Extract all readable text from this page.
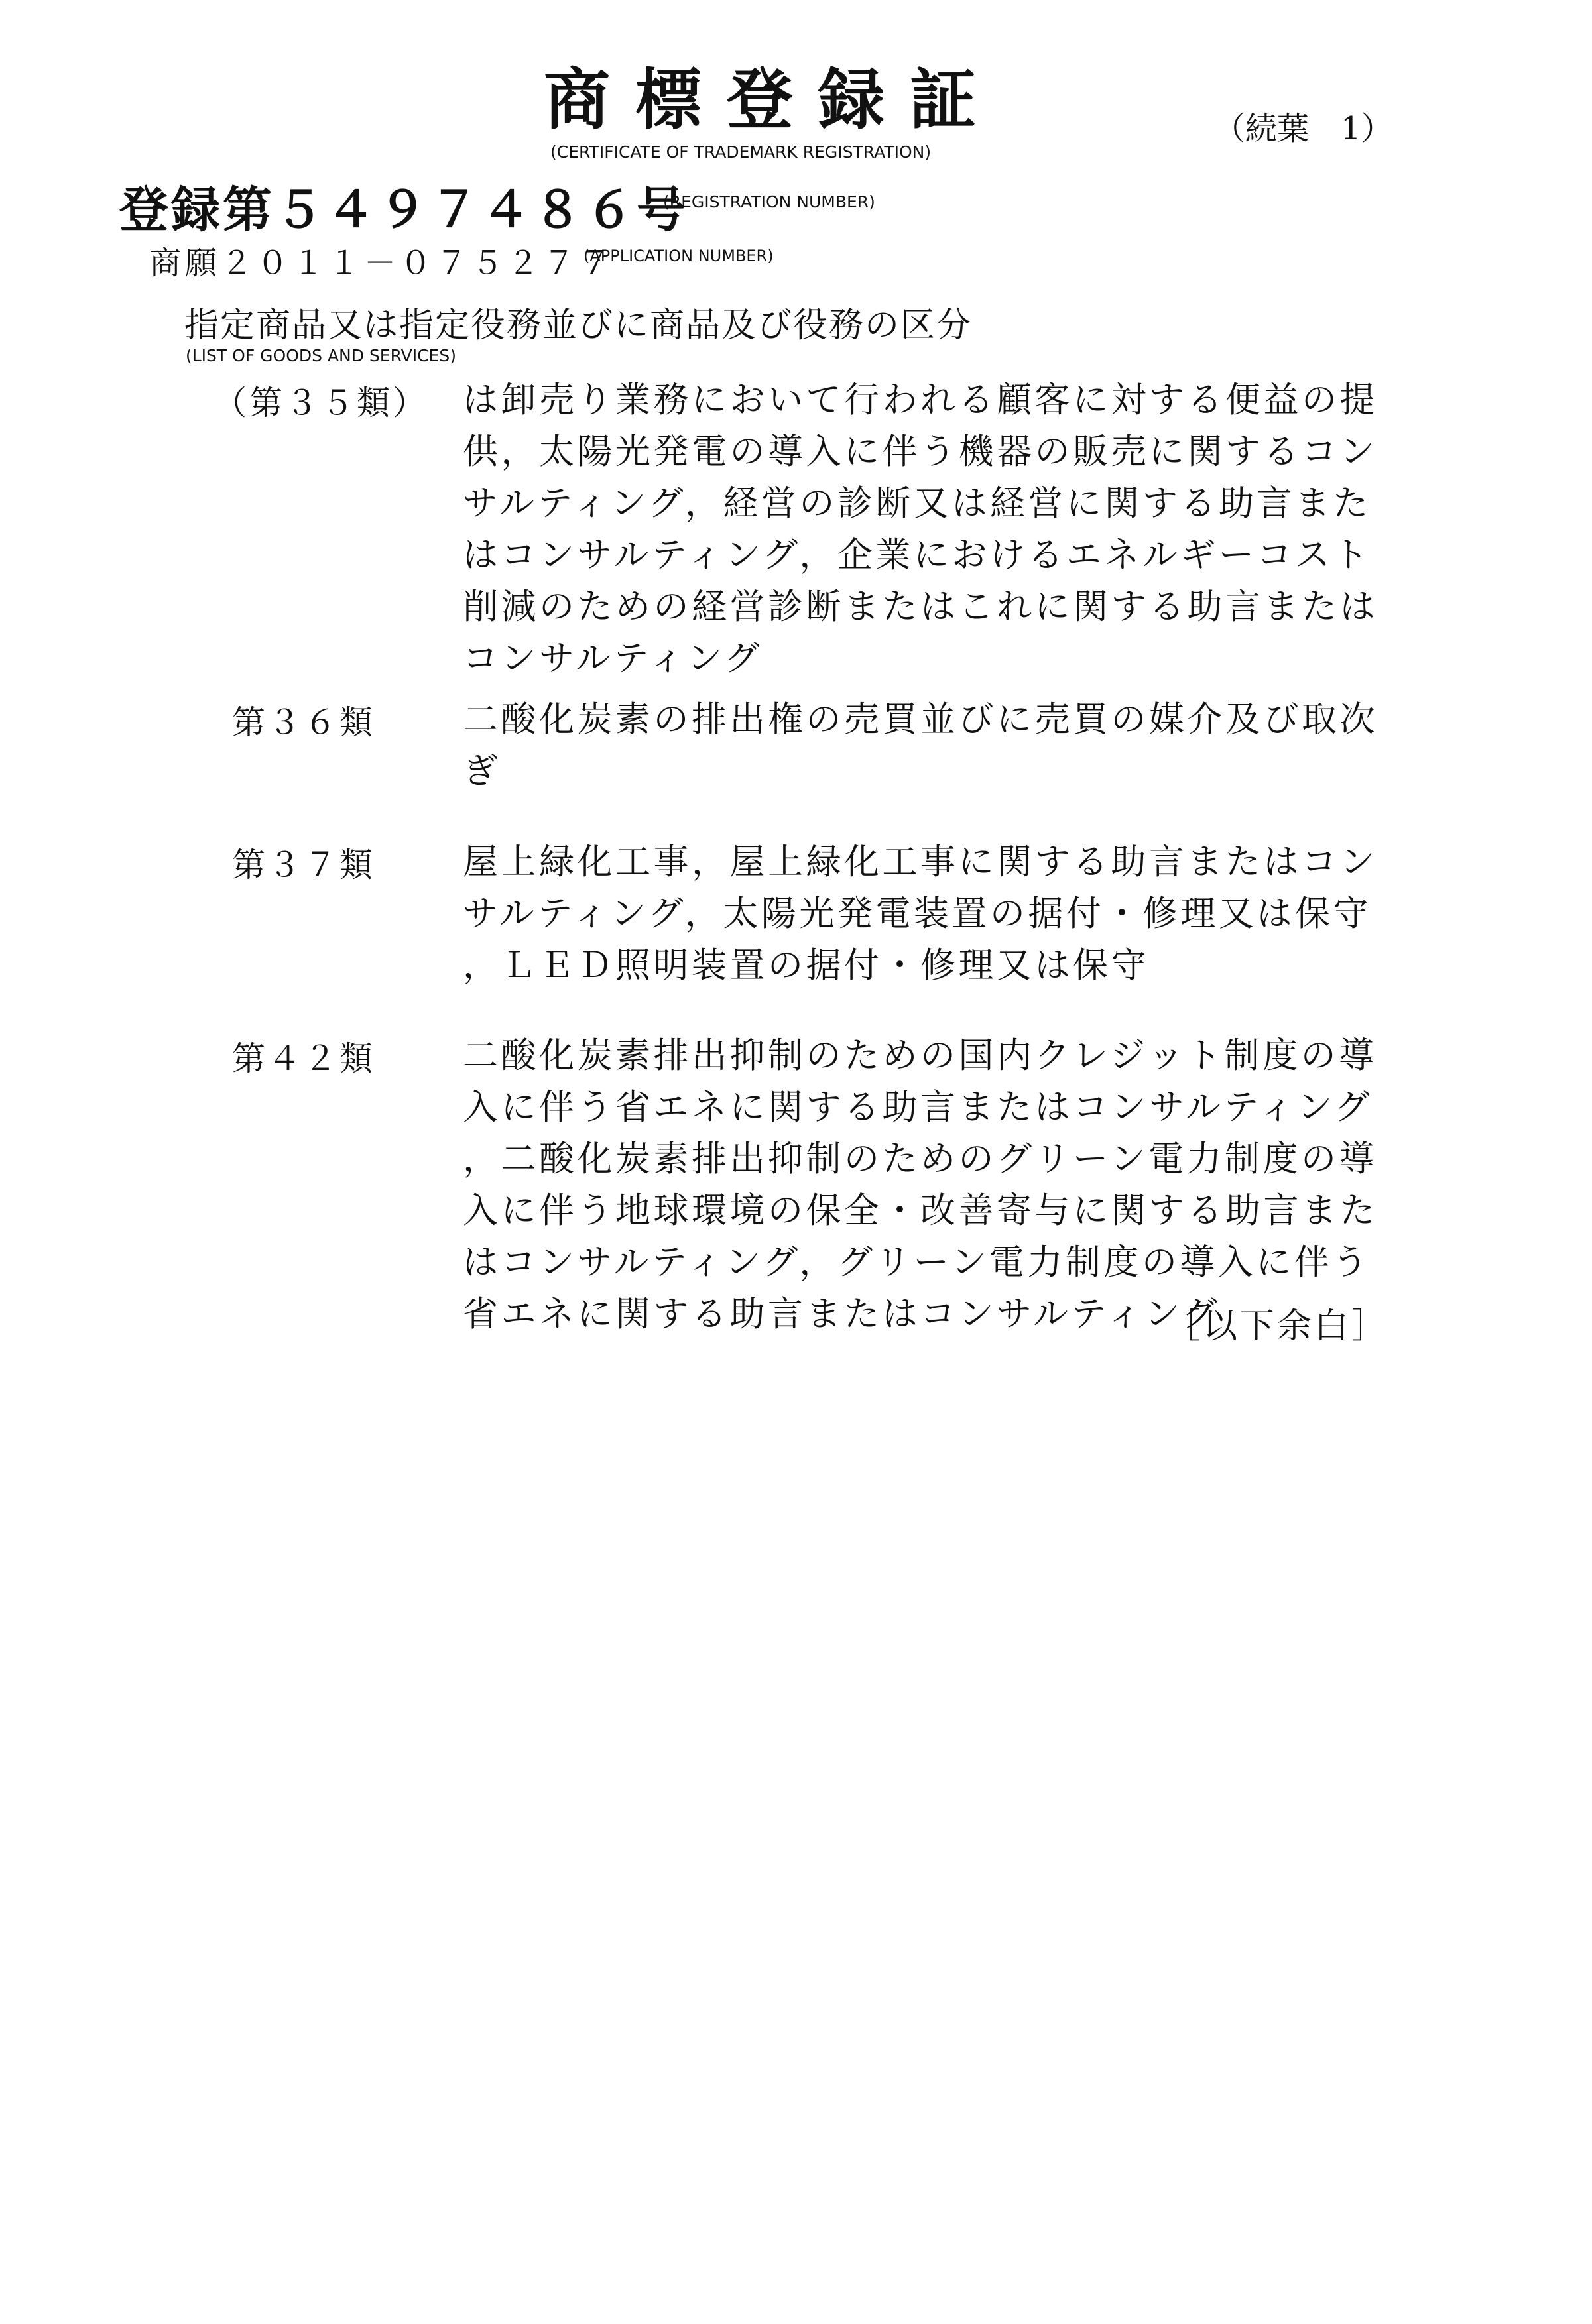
商標登録証
(CERTIFICATE OF TRADEMARK REGISTRATION)
（続葉　1）
登録第５４９７４８６号
(REGISTRATION NUMBER)
商願２０１１－０７５２７７
(APPLICATION NUMBER)
指定商品又は指定役務並びに商品及び役務の区分
(LIST OF GOODS AND SERVICES)
（第３５類） は卸売り業務において行われる顧客に対する便益の提
供，太陽光発電の導入に伴う機器の販売に関するコン
サルティング，経営の診断又は経営に関する助言また
はコンサルティング，企業におけるエネルギーコスト
削減のための経営診断またはこれに関する助言または
コンサルティング
第３６類 二酸化炭素の排出権の売買並びに売買の媒介及び取次
ぎ
第３７類 屋上緑化工事，屋上緑化工事に関する助言またはコン
サルティング，太陽光発電装置の据付・修理又は保守
，ＬＥＤ照明装置の据付・修理又は保守
第４２類 二酸化炭素排出抑制のための国内クレジット制度の導
入に伴う省エネに関する助言またはコンサルティング
，二酸化炭素排出抑制のためのグリーン電力制度の導
入に伴う地球環境の保全・改善寄与に関する助言また
はコンサルティング，グリーン電力制度の導入に伴う
省エネに関する助言またはコンサルティング
［以下余白］
